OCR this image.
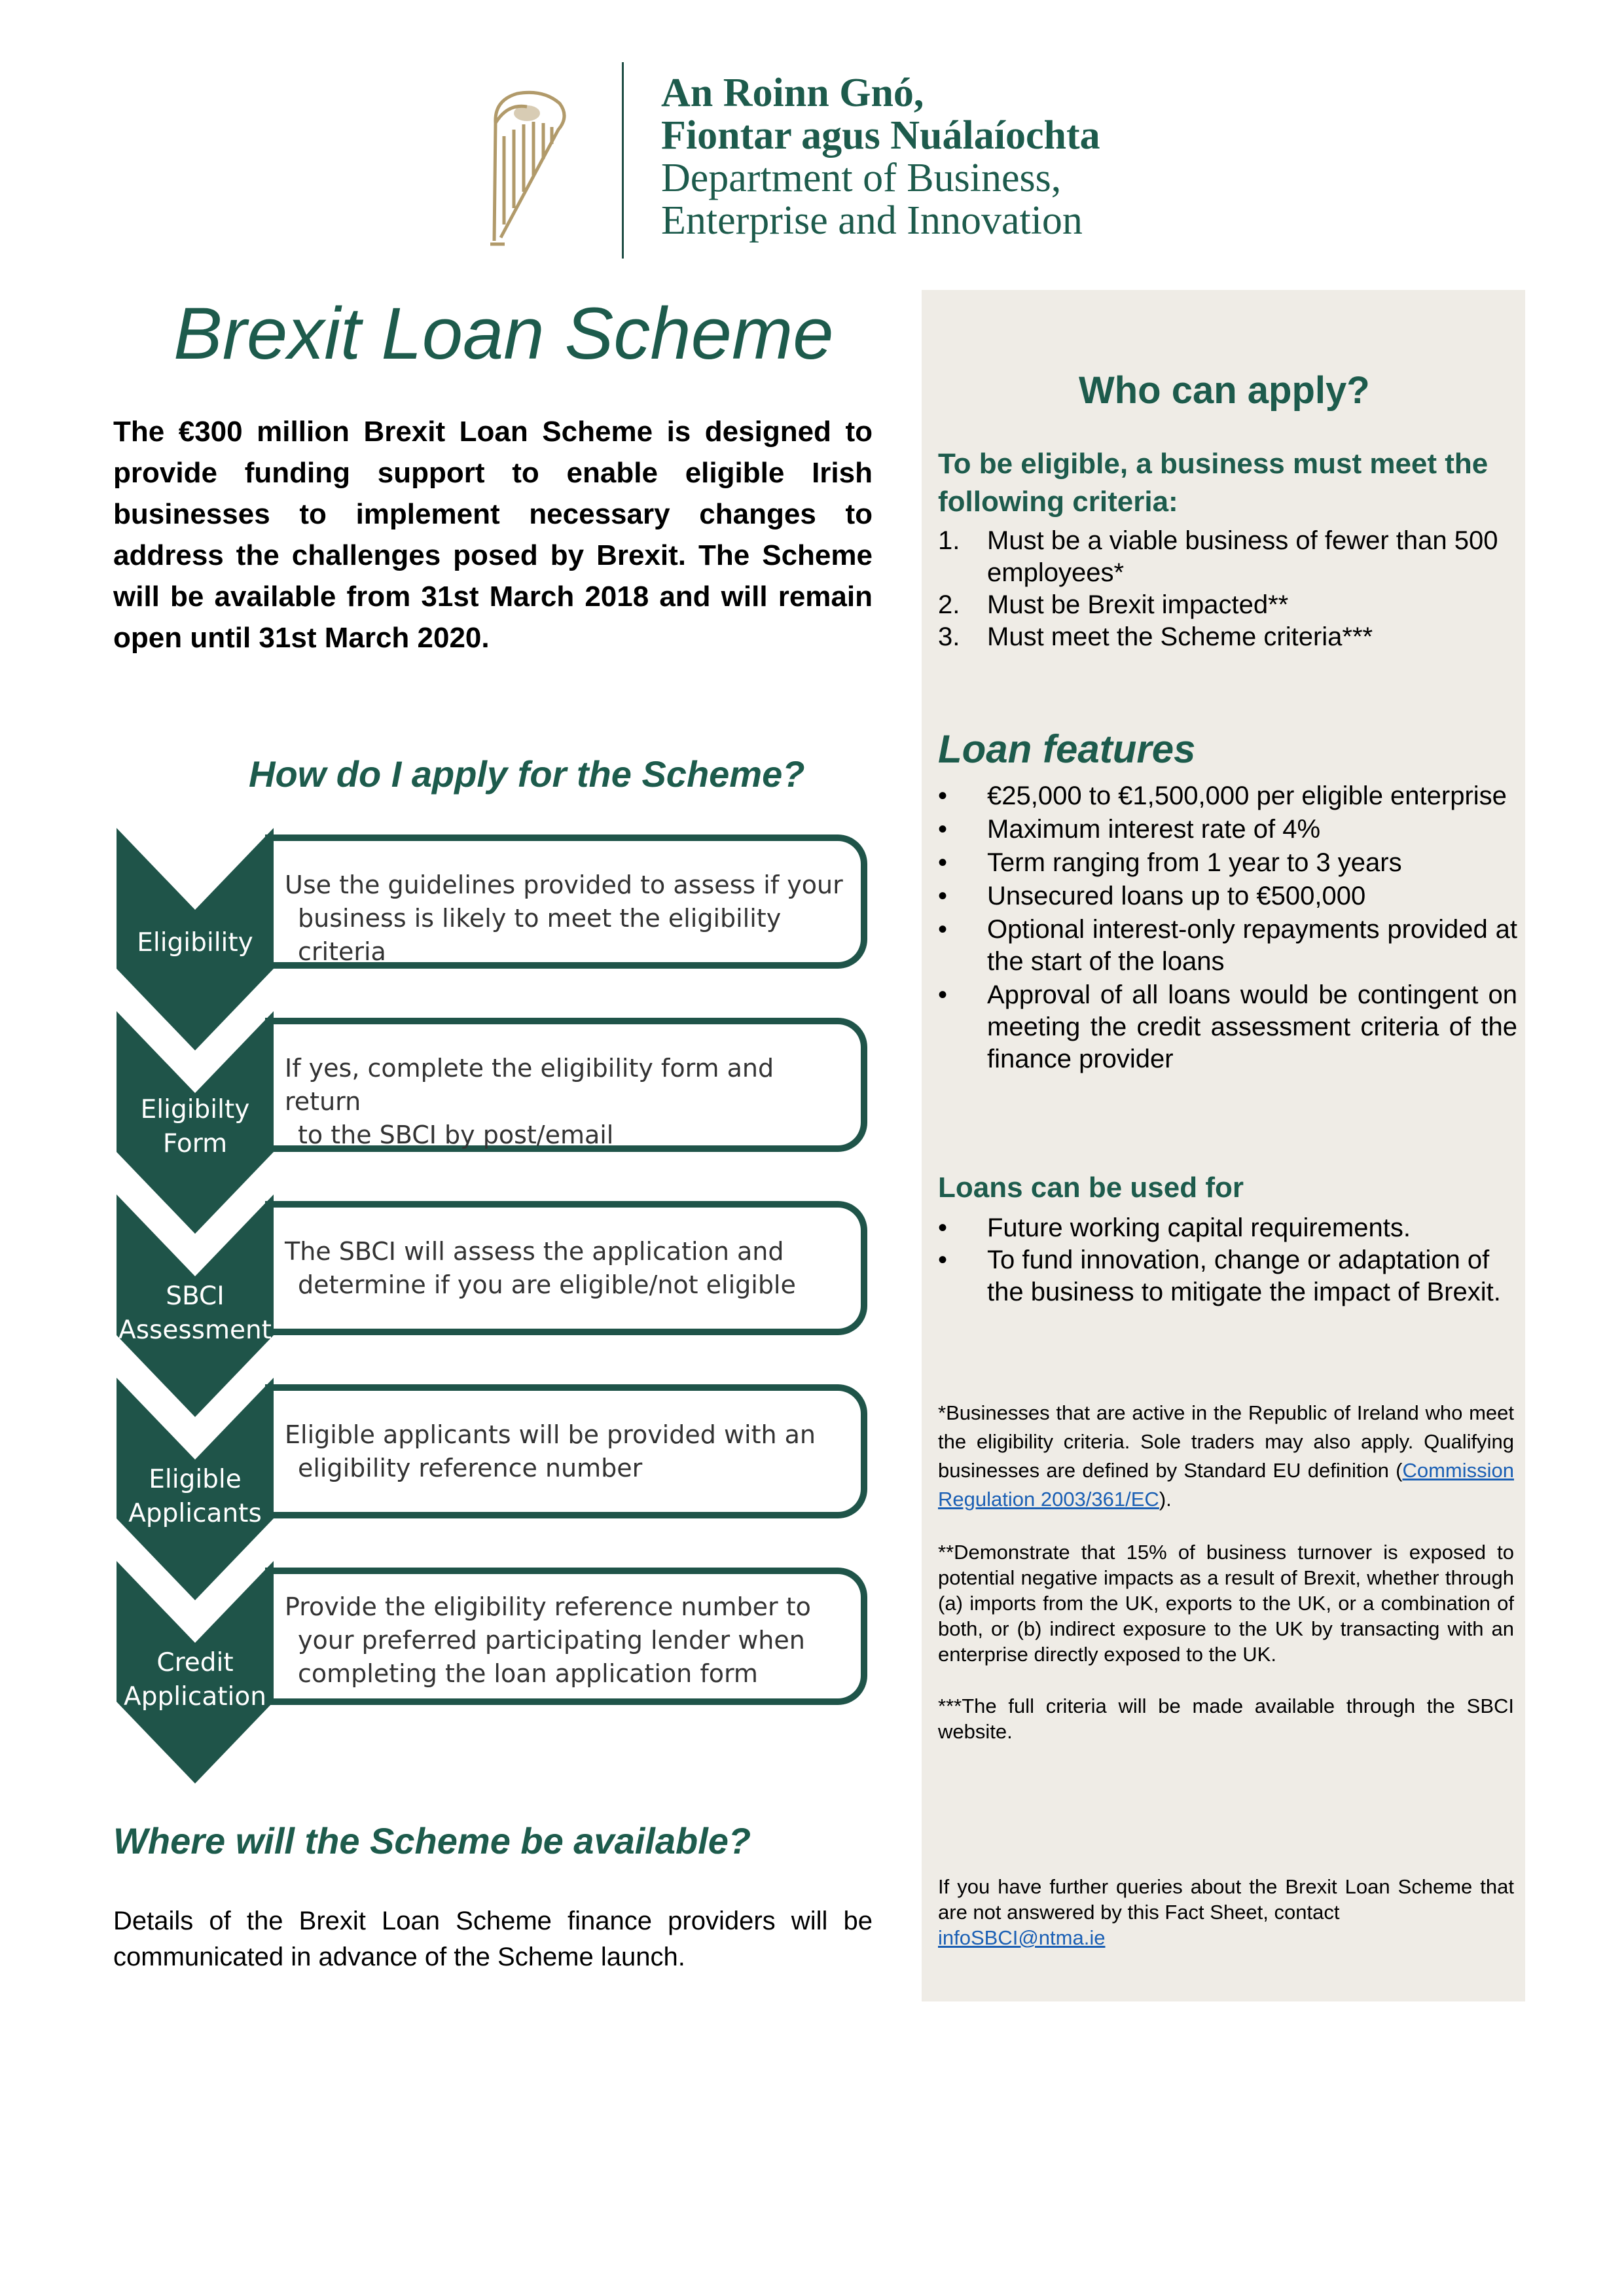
An Roinn Gnó,
Fiontar agus Nuálaíochta
Department of Business,
Enterprise and Innovation
Brexit Loan Scheme
The €300 million Brexit Loan Scheme is designed to provide funding support to enable eligible Irish businesses to implement necessary changes to address the challenges posed by Brexit. The Scheme will be available from 31st March 2018 and will remain open until 31st March 2020.
How do I apply for the Scheme?
Use the guidelines provided to assess if your
business is likely to meet the eligibility criteria
If yes, complete the eligibility form and return
to the SBCI by post/email
The SBCI will assess the application and
determine if you are eligible/not eligible
Eligible applicants will be provided with an
eligibility reference number
Provide the eligibility reference number to
your preferred participating lender when
completing the loan application form
Eligibility
Eligibilty
Form
SBCI
Assessment
Eligible
Applicants
Credit
Application
Where will the Scheme be available?
Details of the Brexit Loan Scheme finance providers will be communicated in advance of the Scheme launch.
Who can apply?
To be eligible, a business must meet the following criteria:
1. Must be a viable business of fewer than 500 employees*
2. Must be Brexit impacted**
3. Must meet the Scheme criteria***
Loan features
• €25,000 to €1,500,000 per eligible enterprise
• Maximum interest rate of 4%
• Term ranging from 1 year to 3 years
• Unsecured loans up to €500,000
• Optional interest-only repayments provided at the start of the loans
• Approval of all loans would be contingent on meeting the credit assessment criteria of the finance provider
Loans can be used for
• Future working capital requirements.
• To fund innovation, change or adaptation of the business to mitigate the impact of Brexit.
*Businesses that are active in the Republic of Ireland who meet the eligibility criteria. Sole traders may also apply. Qualifying businesses are defined by Standard EU definition (Commission Regulation 2003/361/EC).
**Demonstrate that 15% of business turnover is exposed to potential negative impacts as a result of Brexit, whether through (a) imports from the UK, exports to the UK, or a combination of both, or (b) indirect exposure to the UK by transacting with an enterprise directly exposed to the UK.
***The full criteria will be made available through the SBCI website.
If you have further queries about the Brexit Loan Scheme that are not answered by this Fact Sheet, contact
infoSBCI@ntma.ie
